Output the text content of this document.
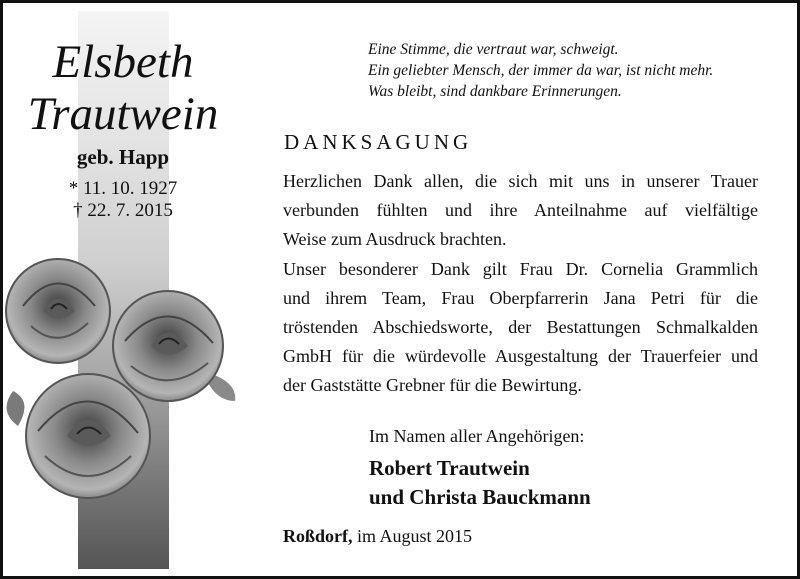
Elsbeth
Trautwein
geb. Happ
* 11. 10. 1927
† 22. 7. 2015
Eine Stimme, die vertraut war, schweigt.
Ein geliebter Mensch, der immer da war, ist nicht mehr.
Was bleibt, sind dankbare Erinnerungen.
DANKSAGUNG
Herzlichen Dank allen, die sich mit uns in unserer Trauer
verbunden fühlten und ihre Anteilnahme auf vielfältige
Weise zum Ausdruck brachten.
Unser besonderer Dank gilt Frau Dr. Cornelia Grammlich
und ihrem Team, Frau Oberpfarrerin Jana Petri für die
tröstenden Abschiedsworte, der Bestattungen Schmalkalden
GmbH für die würdevolle Ausgestaltung der Trauerfeier und
der Gaststätte Grebner für die Bewirtung.
Im Namen aller Angehörigen:
Robert Trautwein
und Christa Bauckmann
Roßdorf, im August 2015
